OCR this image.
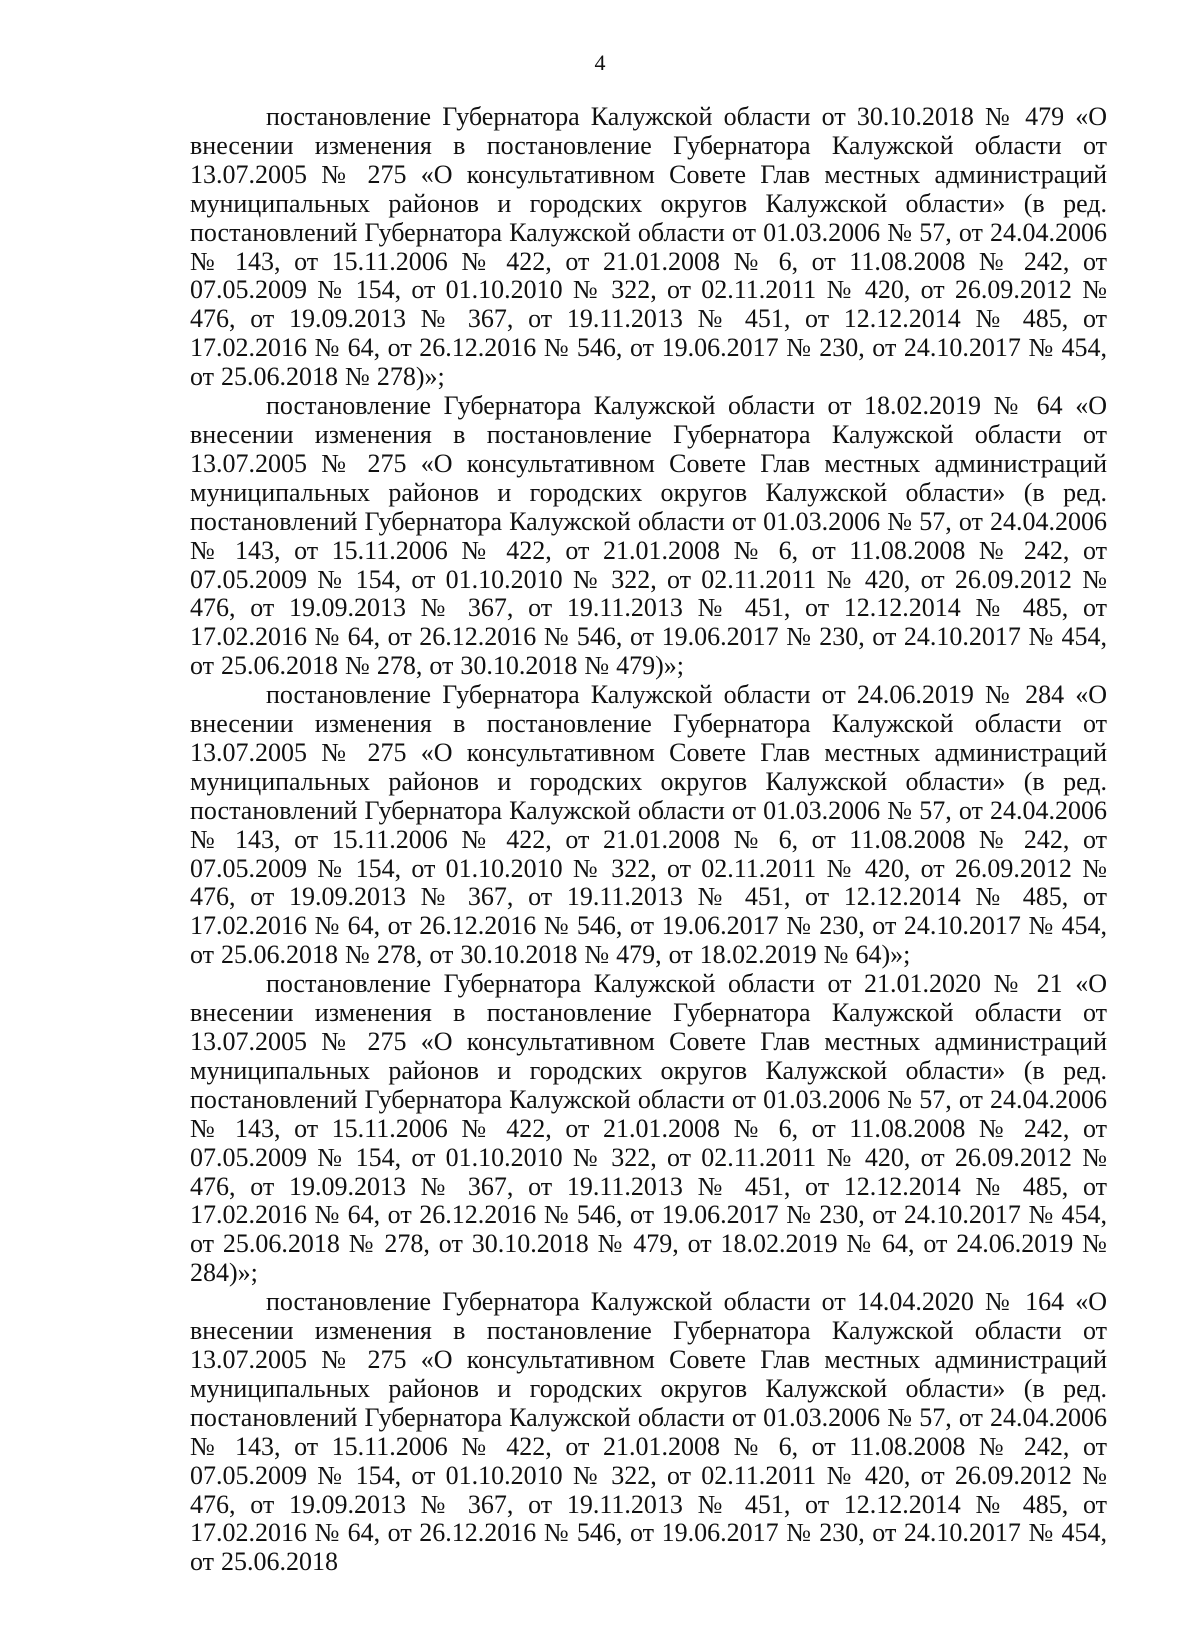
4

постановление Губернатора Калужской области от 30.10.2018 № 479 «О внесении изменения в постановление Губернатора Калужской области от 13.07.2005 № 275 «О консультативном Совете Глав местных администраций муниципальных районов и городских округов Калужской области» (в ред. постановлений Губернатора Калужской области от 01.03.2006 № 57, от 24.04.2006 № 143, от 15.11.2006 № 422, от 21.01.2008 № 6, от 11.08.2008 № 242, от 07.05.2009 № 154, от 01.10.2010 № 322, от 02.11.2011 № 420, от 26.09.2012 № 476, от 19.09.2013 № 367, от 19.11.2013 № 451, от 12.12.2014 № 485, от 17.02.2016 № 64, от 26.12.2016 № 546, от 19.06.2017 № 230, от 24.10.2017 № 454, от 25.06.2018 № 278)»;

постановление Губернатора Калужской области от 18.02.2019 № 64 «О внесении изменения в постановление Губернатора Калужской области от 13.07.2005 № 275 «О консультативном Совете Глав местных администраций муниципальных районов и городских округов Калужской области» (в ред. постановлений Губернатора Калужской области от 01.03.2006 № 57, от 24.04.2006 № 143, от 15.11.2006 № 422, от 21.01.2008 № 6, от 11.08.2008 № 242, от 07.05.2009 № 154, от 01.10.2010 № 322, от 02.11.2011 № 420, от 26.09.2012 № 476, от 19.09.2013 № 367, от 19.11.2013 № 451, от 12.12.2014 № 485, от 17.02.2016 № 64, от 26.12.2016 № 546, от 19.06.2017 № 230, от 24.10.2017 № 454, от 25.06.2018 № 278, от 30.10.2018 № 479)»;

постановление Губернатора Калужской области от 24.06.2019 № 284 «О внесении изменения в постановление Губернатора Калужской области от 13.07.2005 № 275 «О консультативном Совете Глав местных администраций муниципальных районов и городских округов Калужской области» (в ред. постановлений Губернатора Калужской области от 01.03.2006 № 57, от 24.04.2006 № 143, от 15.11.2006 № 422, от 21.01.2008 № 6, от 11.08.2008 № 242, от 07.05.2009 № 154, от 01.10.2010 № 322, от 02.11.2011 № 420, от 26.09.2012 № 476, от 19.09.2013 № 367, от 19.11.2013 № 451, от 12.12.2014 № 485, от 17.02.2016 № 64, от 26.12.2016 № 546, от 19.06.2017 № 230, от 24.10.2017 № 454, от 25.06.2018 № 278, от 30.10.2018 № 479, от 18.02.2019 № 64)»;

постановление Губернатора Калужской области от 21.01.2020 № 21 «О внесении изменения в постановление Губернатора Калужской области от 13.07.2005 № 275 «О консультативном Совете Глав местных администраций муниципальных районов и городских округов Калужской области» (в ред. постановлений Губернатора Калужской области от 01.03.2006 № 57, от 24.04.2006 № 143, от 15.11.2006 № 422, от 21.01.2008 № 6, от 11.08.2008 № 242, от 07.05.2009 № 154, от 01.10.2010 № 322, от 02.11.2011 № 420, от 26.09.2012 № 476, от 19.09.2013 № 367, от 19.11.2013 № 451, от 12.12.2014 № 485, от 17.02.2016 № 64, от 26.12.2016 № 546, от 19.06.2017 № 230, от 24.10.2017 № 454, от 25.06.2018 № 278, от 30.10.2018 № 479, от 18.02.2019 № 64, от 24.06.2019 № 284)»;

постановление Губернатора Калужской области от 14.04.2020 № 164 «О внесении изменения в постановление Губернатора Калужской области от 13.07.2005 № 275 «О консультативном Совете Глав местных администраций муниципальных районов и городских округов Калужской области» (в ред. постановлений Губернатора Калужской области от 01.03.2006 № 57, от 24.04.2006 № 143, от 15.11.2006 № 422, от 21.01.2008 № 6, от 11.08.2008 № 242, от 07.05.2009 № 154, от 01.10.2010 № 322, от 02.11.2011 № 420, от 26.09.2012 № 476, от 19.09.2013 № 367, от 19.11.2013 № 451, от 12.12.2014 № 485, от 17.02.2016 № 64, от 26.12.2016 № 546, от 19.06.2017 № 230, от 24.10.2017 № 454, от 25.06.2018
